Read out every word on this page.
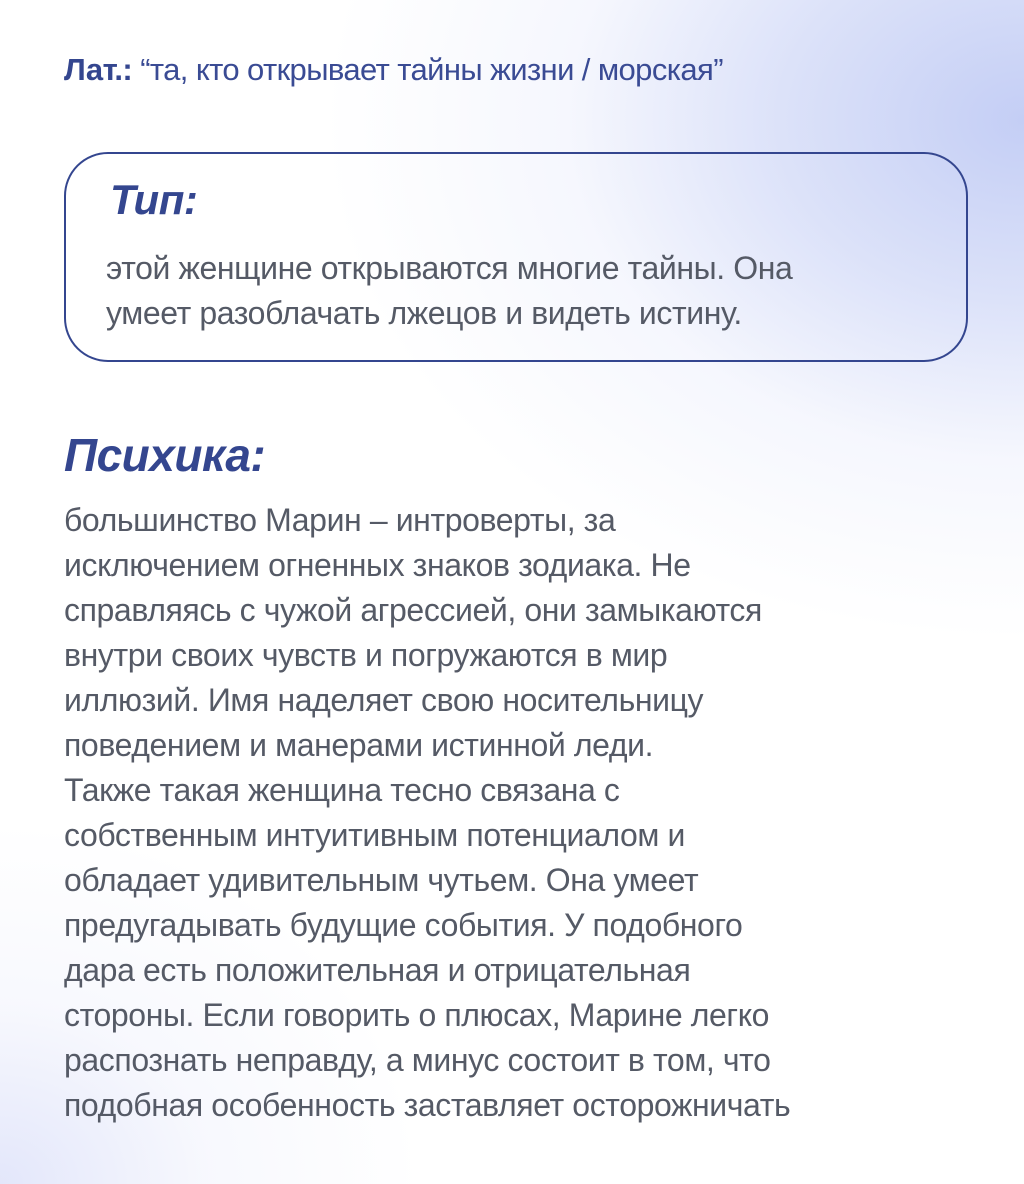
Лат.: “та, кто открывает тайны жизни / морская”
Тип:
этой женщине открываются многие тайны. Она
умеет разоблачать лжецов и видеть истину.
Психика:
большинство Марин – интроверты, за
исключением огненных знаков зодиака. Не
справляясь с чужой агрессией, они замыкаются
внутри своих чувств и погружаются в мир
иллюзий. Имя наделяет свою носительницу
поведением и манерами истинной леди.
Также такая женщина тесно связана с
собственным интуитивным потенциалом и
обладает удивительным чутьем. Она умеет
предугадывать будущие события. У подобного
дара есть положительная и отрицательная
стороны. Если говорить о плюсах, Марине легко
распознать неправду, а минус состоит в том, что
подобная особенность заставляет осторожничать
